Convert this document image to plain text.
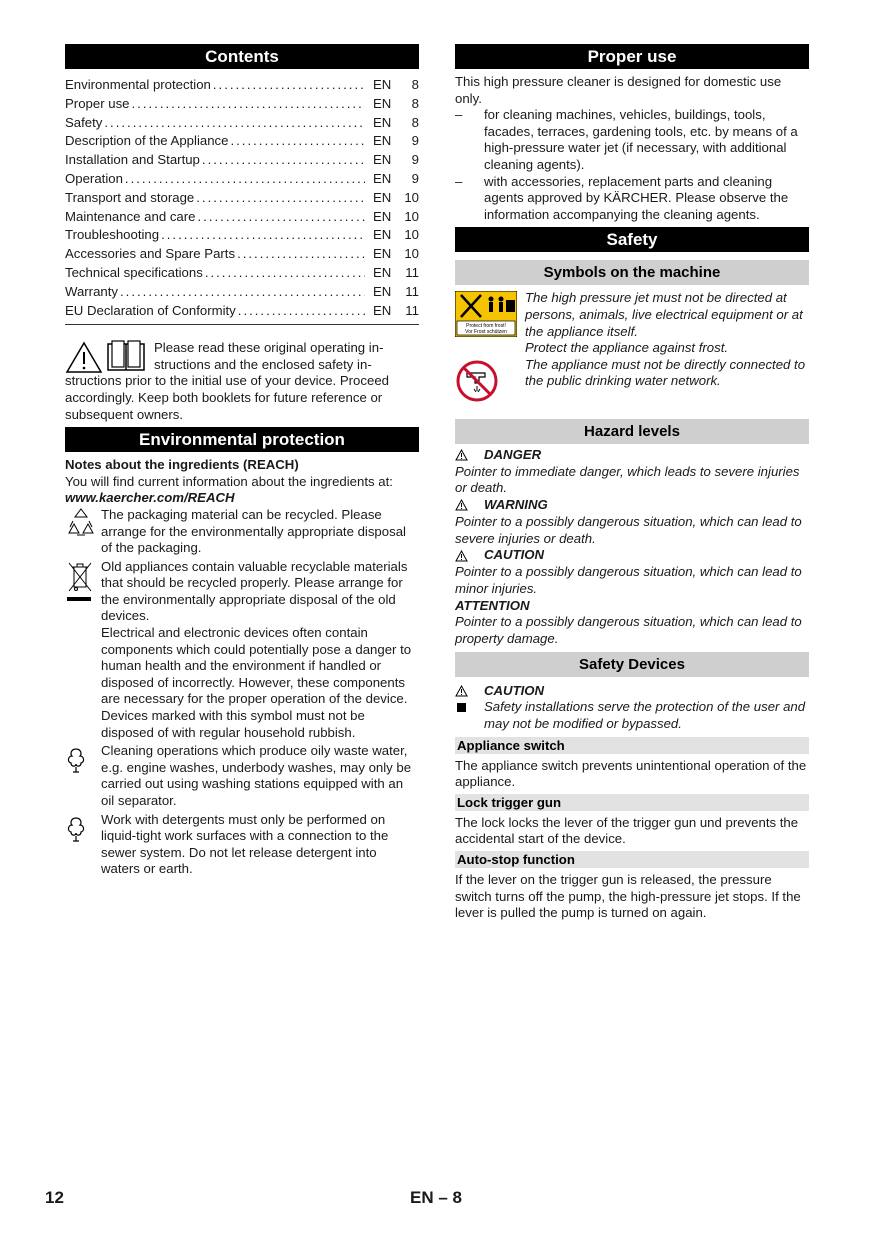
Contents
Environmental protection .....	EN	8
Proper use .....	EN	8
Safety .....	EN	8
Description of the Appliance .....	EN	9
Installation and Startup .....	EN	9
Operation .....	EN	9
Transport and storage .....	EN 10
Maintenance and care .....	EN 10
Troubleshooting .....	EN 10
Accessories and Spare Parts .....	EN 10
Technical specifications .....	EN	11
Warranty .....	EN	11
EU Declaration of Conformity .....	EN	11
Please read these original operating in-
structions and the enclosed safety in-
structions prior to the initial use of your device. Proceed accordingly. Keep both booklets for future reference or subsequent owners.
Environmental protection
Notes about the ingredients (REACH)
You will find current information about the ingredients at:
www.kaercher.com/REACH
The packaging material can be recycled. Please arrange for the environmentally appropriate disposal of the packaging.
Old appliances contain valuable recyclable materials that should be recycled properly. Please arrange for the environmentally appropriate disposal of the old devices.
Electrical and electronic devices often contain components which could potentially pose a danger to human health and the environment if handled or disposed of incorrectly. However, these components are necessary for the proper operation of the device. Devices marked with this symbol must not be disposed of with regular household rubbish.
Cleaning operations which produce oily waste water, e.g. engine washes, underbody washes, may only be carried out using washing stations equipped with an oil separator.
Work with detergents must only be performed on liquid-tight work surfaces with a connection to the sewer system. Do not let release detergent into waters or earth.
Proper use
This high pressure cleaner is designed for domestic use only.
– for cleaning machines, vehicles, buildings, tools, facades, terraces, gardening tools, etc. by means of a high-pressure water jet (if necessary, with additional cleaning agents).
– with accessories, replacement parts and cleaning agents approved by KÄRCHER. Please observe the information accompanying the cleaning agents.
Safety
Symbols on the machine
Protect from frost!
Vor Frost schützen
The high pressure jet must not be directed at persons, animals, live electrical equipment or at the appliance itself.
Protect the appliance against frost.
The appliance must not be directly connected to the public drinking water network.
Hazard levels
DANGER
Pointer to immediate danger, which leads to severe injuries or death.
WARNING
Pointer to a possibly dangerous situation, which can lead to severe injuries or death.
CAUTION
Pointer to a possibly dangerous situation, which can lead to minor injuries.
ATTENTION
Pointer to a possibly dangerous situation, which can lead to property damage.
Safety Devices
CAUTION
Safety installations serve the protection of the user and may not be modified or bypassed.
Appliance switch
The appliance switch prevents unintentional operation of the appliance.
Lock trigger gun
The lock locks the lever of the trigger gun und prevents the accidental start of the device.
Auto-stop function
If the lever on the trigger gun is released, the pressure switch turns off the pump, the high-pressure jet stops. If the lever is pulled the pump is turned on again.
12	EN – 8
